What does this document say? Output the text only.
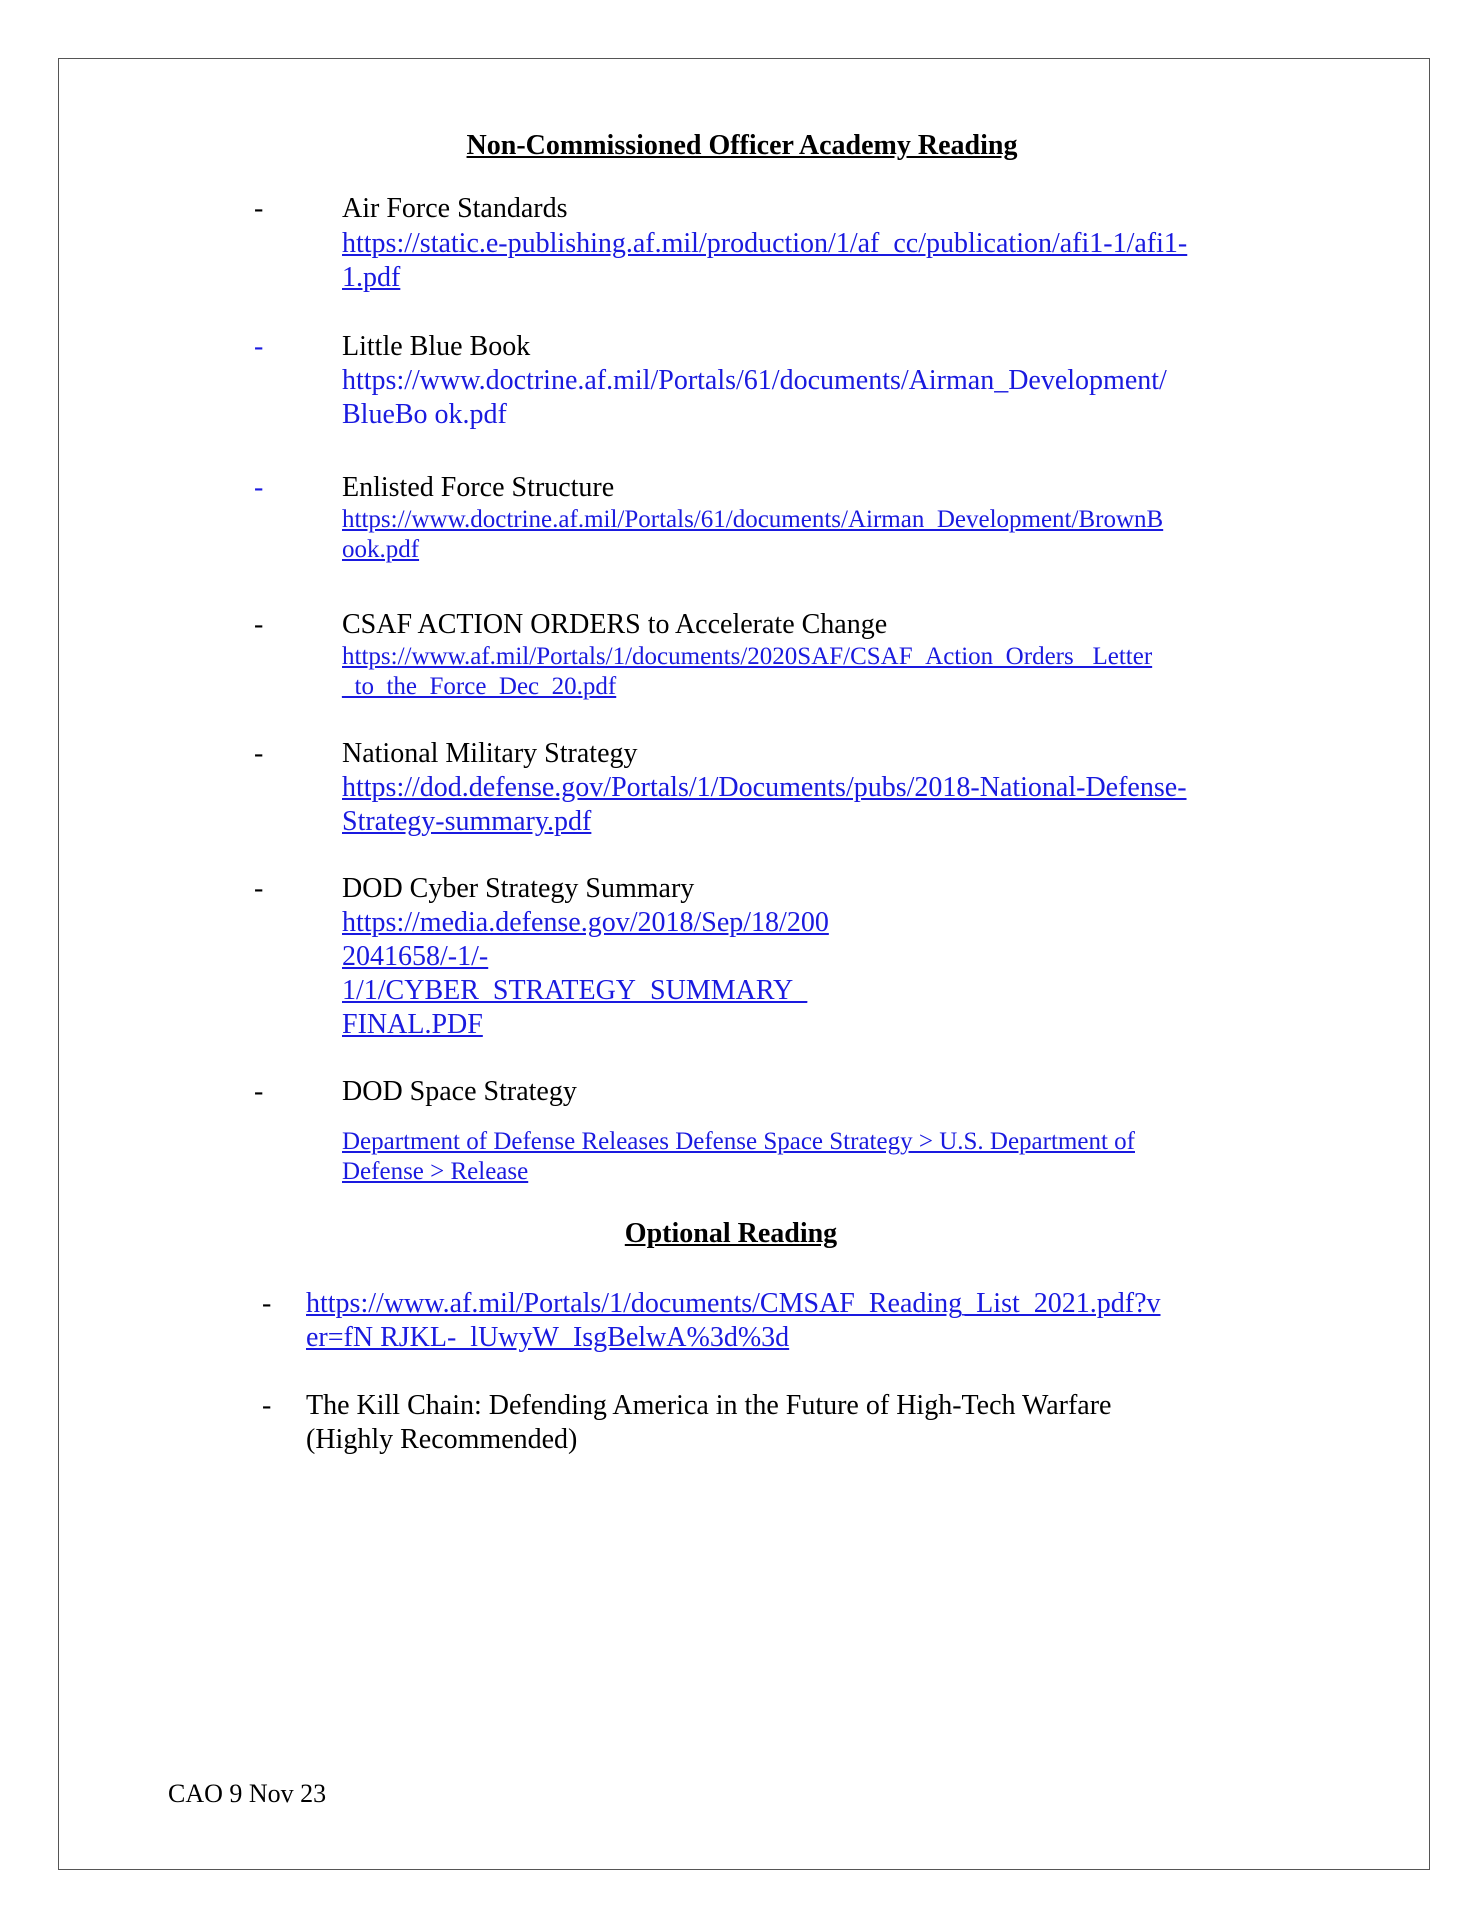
Non-Commissioned Officer Academy Reading
-	Air Force Standards
https://static.e-publishing.af.mil/production/1/af_cc/publication/afi1-1/afi1-
1.pdf
-	Little Blue Book
https://www.doctrine.af.mil/Portals/61/documents/Airman_Development/
BlueBo ok.pdf
-	Enlisted Force Structure
https://www.doctrine.af.mil/Portals/61/documents/Airman_Development/BrownB
ook.pdf
-	CSAF ACTION ORDERS to Accelerate Change
https://www.af.mil/Portals/1/documents/2020SAF/CSAF_Action_Orders _Letter
_to_the_Force_Dec_20.pdf
-	National Military Strategy
https://dod.defense.gov/Portals/1/Documents/pubs/2018-National-Defense-
Strategy-summary.pdf
-	DOD Cyber Strategy Summary
https://media.defense.gov/2018/Sep/18/200
2041658/-1/-
1/1/CYBER_STRATEGY_SUMMARY_
FINAL.PDF
-	DOD Space Strategy
Department of Defense Releases Defense Space Strategy > U.S. Department of
Defense > Release
Optional Reading
- https://www.af.mil/Portals/1/documents/CMSAF_Reading_List_2021.pdf?v
er=fN RJKL-_lUwyW_IsgBelwA%3d%3d
- The Kill Chain: Defending America in the Future of High-Tech Warfare
(Highly Recommended)
CAO 9 Nov 23
